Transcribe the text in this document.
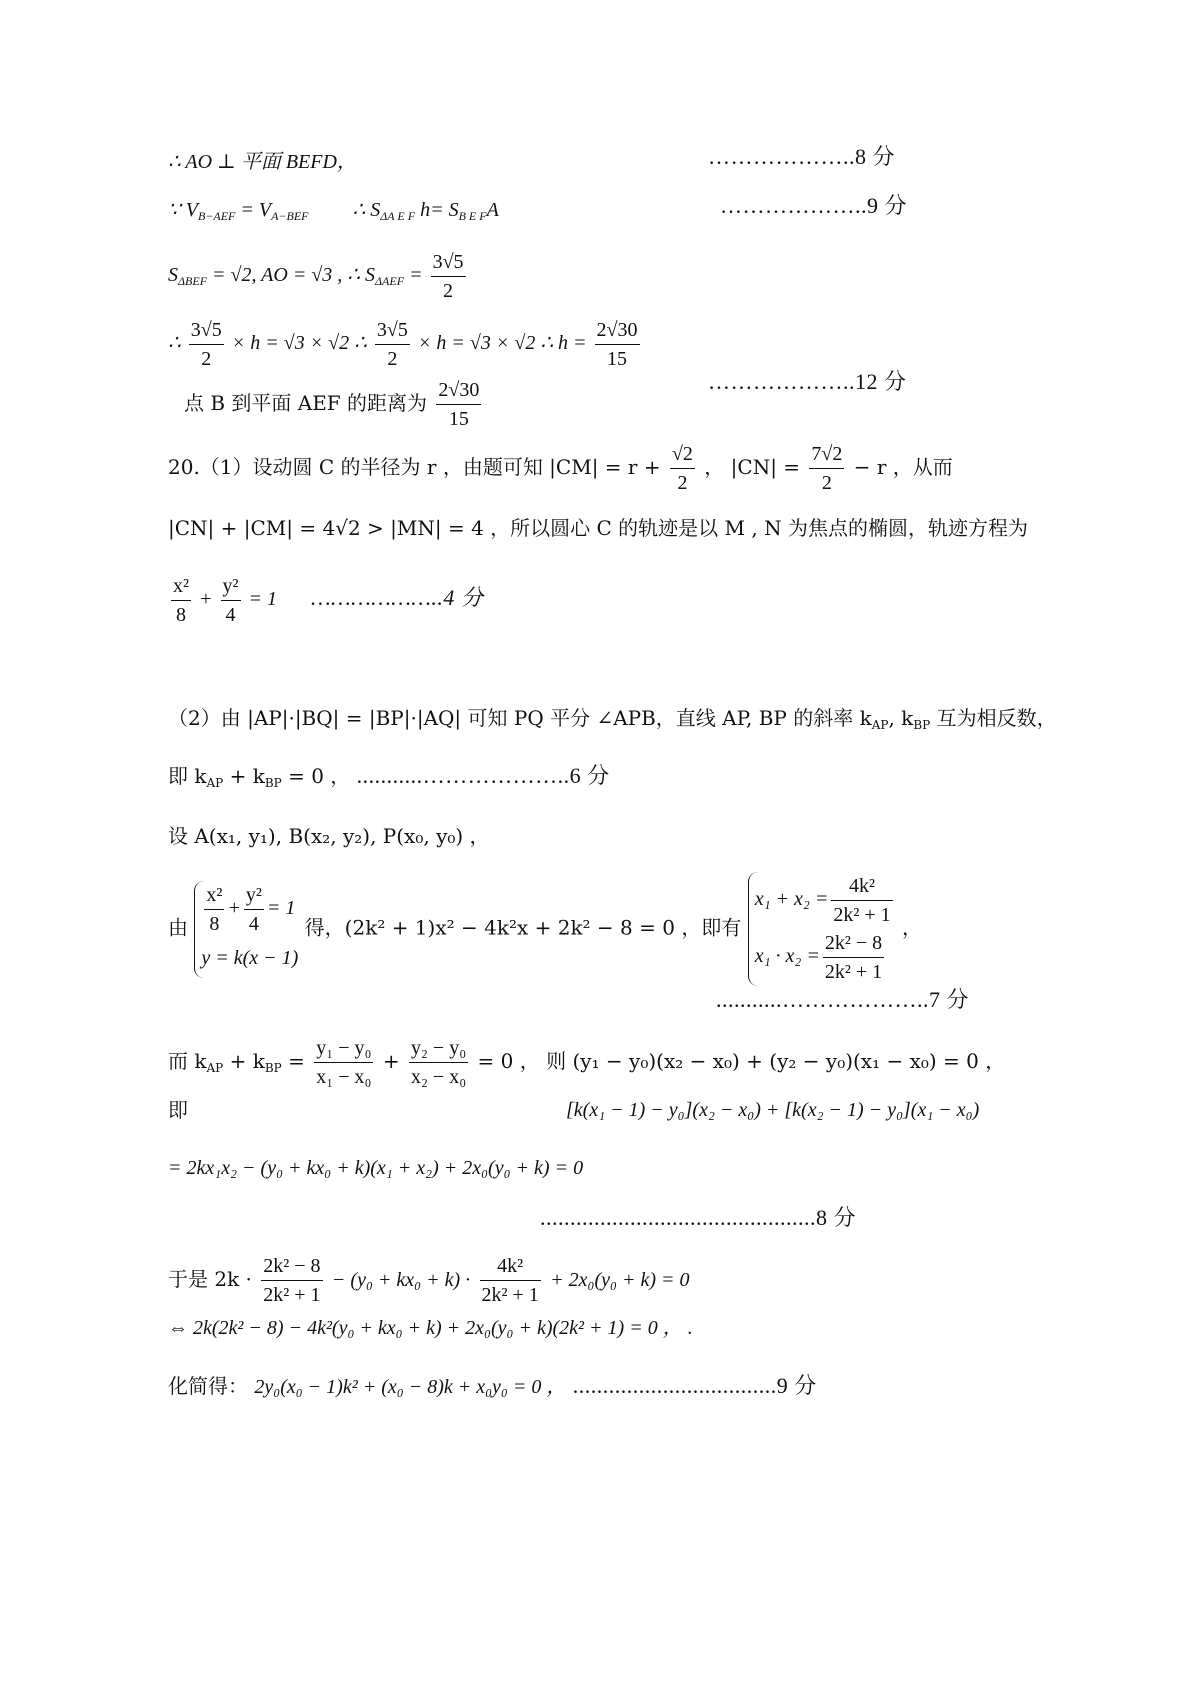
∴ AO ⊥ 平面 BEFD，	………………..8 分
∵ $V_{B-AEF} = V_{A-BEF}$ ∴ $S_{\Delta A E F}$ $h= S_{B E F}A$	………………..9 分
$S_{\Delta BEF} = √2$, AO = √3 , ∴ $S_{\Delta AEF} = \frac{3√5}{2}$
∴ $\frac{3√5}{2} \times h = √3 \times √2$ ∴ $\frac{3√5}{2} \times h = √3 \times √2$ ∴ $h = \frac{2√30}{15}$
点 B 到平面 AEF 的距离为 $\frac{2√30}{15}$	………………..12 分
20.（1）设动圆 C 的半径为 r ，由题可知 $|CM| = r + \frac{√2}{2}$ ， $|CN| = \frac{7√2}{2} - r$ ，从而
|CN| + |CM| = 4√2 > |MN| = 4 ，所以圆心 C 的轨迹是以 M , N 为焦点的椭圆，轨迹方程为
$\frac{\text{x²}}{8} + \frac{\text{y²}}{4} = 1$ ………………..4 分
（2）由 |AP|·|BQ| = |BP|·|AQ| 可知 PQ 平分 ∠APB，直线 AP, BP 的斜率 $k_{AP}$, $k_{BP}$ 互为相反数，
即 $k_{AP} + k_{BP} = 0$ ， ...........………………..6 分
设 A(x₁, y₁), B(x₂, y₂), P(x₀, y₀) ，
由 $\frac{\text{x²}}{8} + \frac{\text{y²}}{4} = 1$
y = k(x − 1)
得，(2k² + 1)x² − 4k²x + 2k² − 8 = 0 ，即有
$x_1 + x_2 = \frac{\text{4k²}}{\text{2k² + 1}}$
$x_1 \cdot x_2 = \frac{\text{2k² − 8}}{\text{2k² + 1}}$
，
...........………………..7 分
而 $k_{AP} + k_{BP} = \frac{\text{y₁ − y₀}}{\text{x₁ − x₀}} + \frac{\text{y₂ − y₀}}{\text{x₂ − x₀}} = 0$ ， 则 (y₁ − y₀)(x₂ − x₀) + (y₂ − y₀)(x₁ − x₀) = 0 ，
即	[k(x₁ − 1) − y₀](x₂ − x₀) + [k(x₂ − 1) − y₀](x₁ − x₀)
= 2kx₁x₂ − (y₀ + kx₀ + k)(x₁ + x₂) + 2x₀(y₀ + k) = 0
..............................................8 分
于是 $2k \cdot \frac{\text{2k² − 8}}{\text{2k² + 1}} - (y_0 + kx_0 + k) \cdot \frac{\text{4k²}}{\text{2k² + 1}} + 2x_0(y_0 + k) = 0$
⇔ 2k(2k² − 8) − 4k²(y₀ + kx₀ + k) + 2x₀(y₀ + k)(2k² + 1) = 0 ， .
化简得： 2y₀(x₀ − 1)k² + (x₀ − 8)k + x₀y₀ = 0 ， ..................................9 分
